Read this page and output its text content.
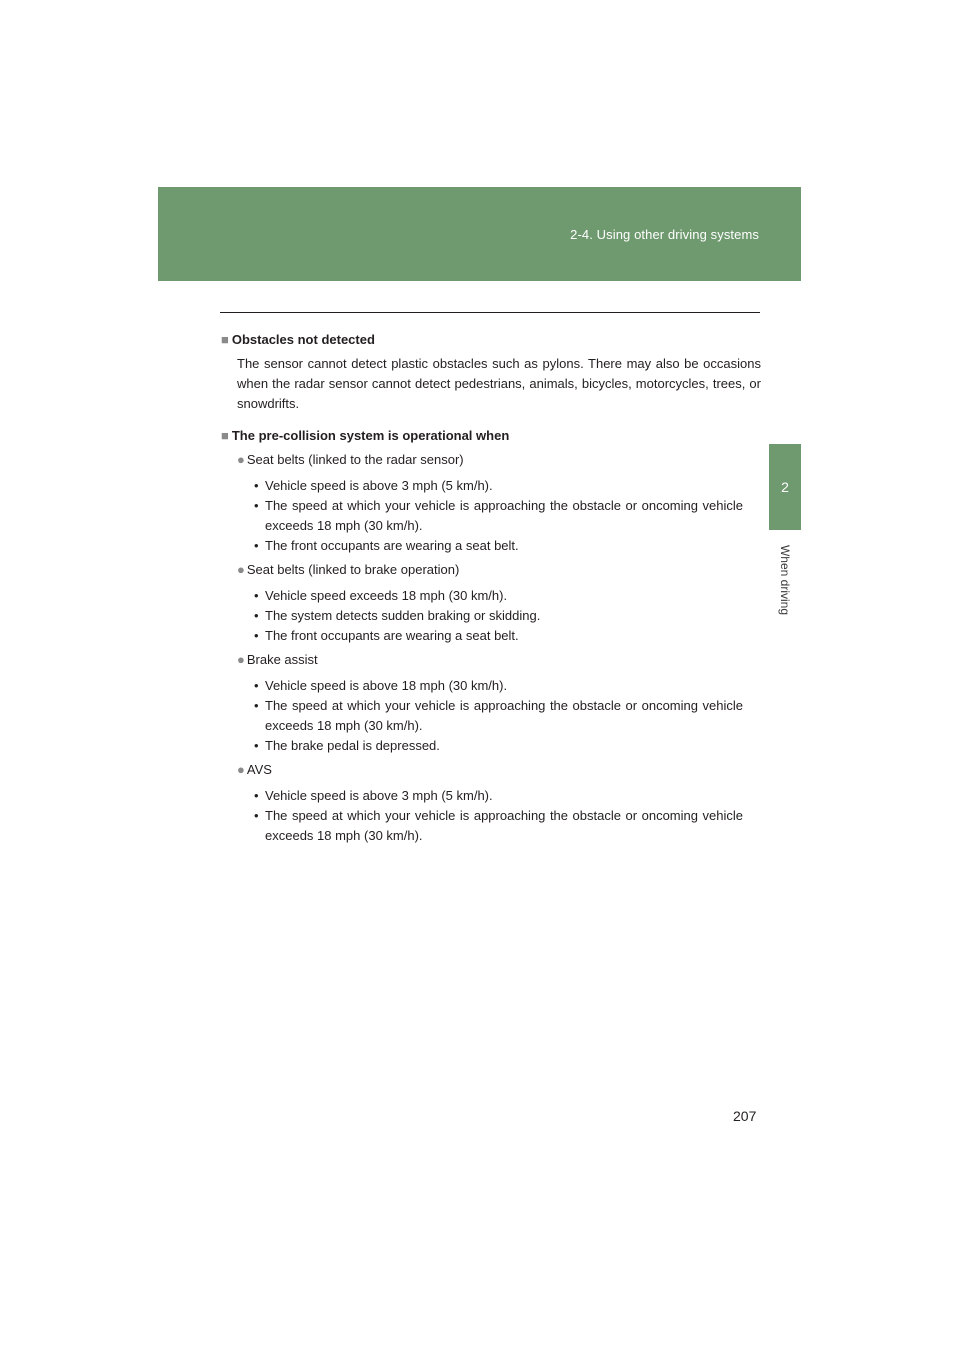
2-4. Using other driving systems
2
When driving
■ Obstacles not detected
The sensor cannot detect plastic obstacles such as pylons. There may also be occasions when the radar sensor cannot detect pedestrians, animals, bicycles, motorcycles, trees, or snowdrifts.
■ The pre-collision system is operational when
● Seat belts (linked to the radar sensor)
• Vehicle speed is above 3 mph (5 km/h).
• The speed at which your vehicle is approaching the obstacle or oncoming vehicle exceeds 18 mph (30 km/h).
• The front occupants are wearing a seat belt.
● Seat belts (linked to brake operation)
• Vehicle speed exceeds 18 mph (30 km/h).
• The system detects sudden braking or skidding.
• The front occupants are wearing a seat belt.
● Brake assist
• Vehicle speed is above 18 mph (30 km/h).
• The speed at which your vehicle is approaching the obstacle or oncoming vehicle exceeds 18 mph (30 km/h).
• The brake pedal is depressed.
● AVS
• Vehicle speed is above 3 mph (5 km/h).
• The speed at which your vehicle is approaching the obstacle or oncoming vehicle exceeds 18 mph (30 km/h).
207
